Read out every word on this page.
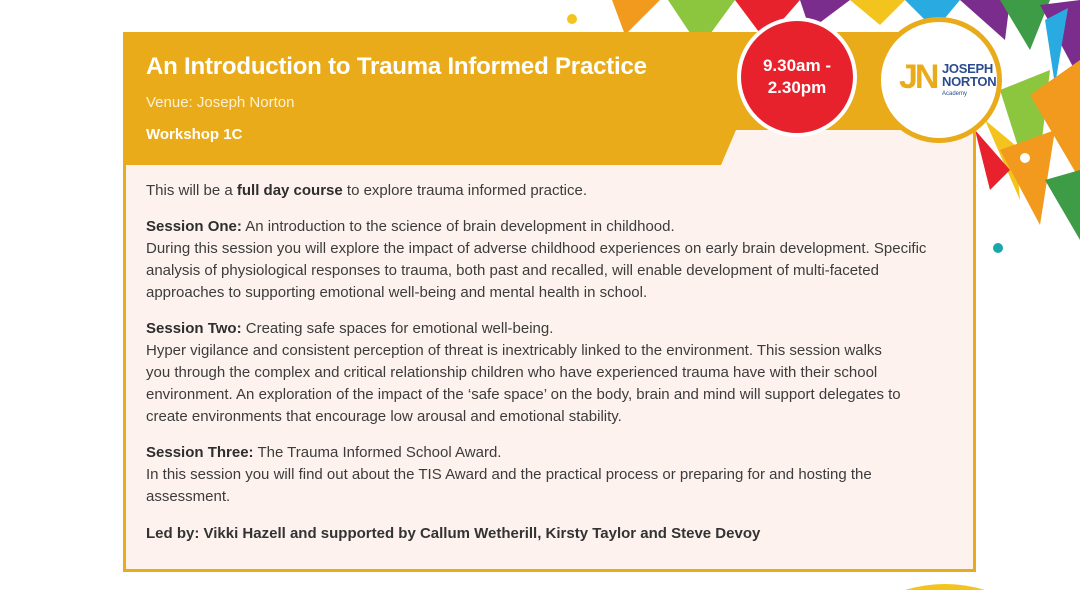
An Introduction to Trauma Informed Practice
Venue: Joseph Norton
Workshop 1C

This will be a full day course to explore trauma informed practice.

Session One: An introduction to the science of brain development in childhood.
During this session you will explore the impact of adverse childhood experiences on early brain development. Specific analysis of physiological responses to trauma, both past and recalled, will enable development of multi-faceted approaches to supporting emotional well-being and mental health in school.

Session Two: Creating safe spaces for emotional well-being.
Hyper vigilance and consistent perception of threat is inextricably linked to the environment. This session walks you through the complex and critical relationship children who have experienced trauma have with their school environment. An exploration of the impact of the ‘safe space’ on the body, brain and mind will support delegates to create environments that encourage low arousal and emotional stability.

Session Three: The Trauma Informed School Award.
In this session you will find out about the TIS Award and the practical process or preparing for and hosting the assessment.

Led by: Vikki Hazell and supported by Callum Wetherill, Kirsty Taylor and Steve Devoy
9.30am - 2.30pm	JN JOSEPH
NORTON
Academy
